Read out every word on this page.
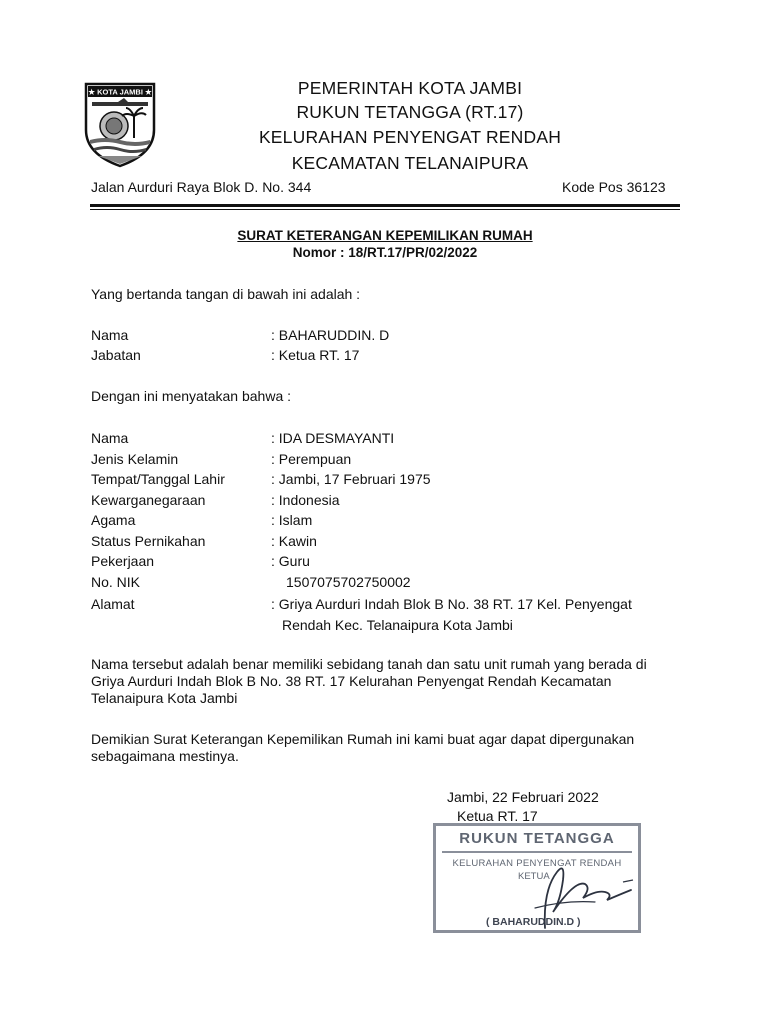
★ KOTA JAMBI ★	PEMERINTAH KOTA JAMBI
RUKUN TETANGGA (RT.17)
KELURAHAN PENYENGAT RENDAH
KECAMATAN TELANAIPURA
Jalan Aurduri Raya Blok D. No. 344	Kode Pos 36123
SURAT KETERANGAN KEPEMILIKAN RUMAH
Nomor : 18/RT.17/PR/02/2022
Yang bertanda tangan di bawah ini adalah :
Nama	: BAHARUDDIN. D
Jabatan	: Ketua RT. 17
Dengan ini menyatakan bahwa :
Nama	: IDA DESMAYANTI
Jenis Kelamin	: Perempuan
Tempat/Tanggal Lahir	: Jambi, 17 Februari 1975
Kewarganegaraan	: Indonesia
Agama	: Islam
Status Pernikahan	: Kawin
Pekerjaan	: Guru
No. NIK	1507075702750002
Alamat	: Griya Aurduri Indah Blok B No. 38 RT. 17 Kel. Penyengat
Rendah Kec. Telanaipura Kota Jambi
Nama tersebut adalah benar memiliki sebidang tanah dan satu unit rumah yang berada di Griya Aurduri Indah Blok B No. 38 RT. 17 Kelurahan Penyengat Rendah Kecamatan Telanaipura Kota Jambi
Demikian Surat Keterangan Kepemilikan Rumah ini kami buat agar dapat dipergunakan sebagaimana mestinya.
Jambi, 22 Februari 2022
Ketua RT. 17
RUKUN TETANGGA
KELURAHAN PENYENGAT RENDAH
KETUA
( BAHARUDDIN.D )
